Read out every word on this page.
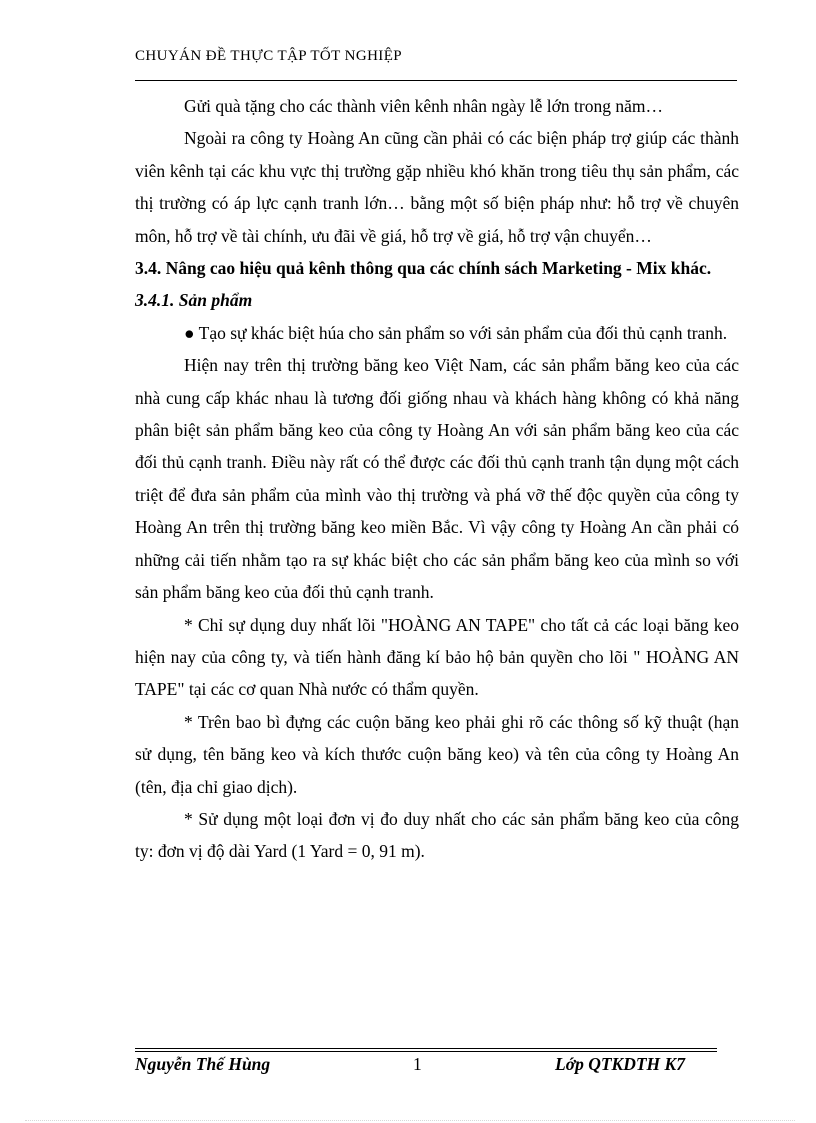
CHUYÁN ĐỀ THỰC TẬP TỐT NGHIỆP

Gửi quà tặng cho các thành viên kênh nhân ngày lễ lớn trong năm…

Ngoài ra công ty Hoàng An cũng cần phải có các biện pháp trợ giúp các thành viên kênh tại các khu vực thị trường gặp nhiều khó khăn trong tiêu thụ sản phẩm, các thị trường có áp lực cạnh tranh lớn… bằng một số biện pháp như: hỗ trợ về chuyên môn, hỗ trợ về tài chính, ưu đãi về giá, hỗ trợ về giá, hỗ trợ vận chuyển…

3.4. Nâng cao hiệu quả kênh thông qua các chính sách Marketing - Mix khác.

3.4.1. Sản phẩm

● Tạo sự khác biệt húa cho sản phẩm so với sản phẩm của đối thủ cạnh tranh.

Hiện nay trên thị trường băng keo Việt Nam, các sản phẩm băng keo của các nhà cung cấp khác nhau là tương đối giống nhau và khách hàng không có khả năng phân biệt sản phẩm băng keo của công ty Hoàng An với sản phẩm băng keo của các đối thủ cạnh tranh. Điều này rất có thể được các đối thủ cạnh tranh tận dụng một cách triệt để đưa sản phẩm của mình vào thị trường và phá vỡ thế độc quyền của công ty Hoàng An trên thị trường băng keo miền Bắc. Vì vậy công ty Hoàng An cần phải có những cải tiến nhằm tạo ra sự khác biệt cho các sản phẩm băng keo của mình so với sản phẩm băng keo của đối thủ cạnh tranh.

* Chỉ sự dụng duy nhất lõi "HOÀNG AN TAPE" cho tất cả các loại băng keo hiện nay của công ty, và tiến hành đăng kí bảo hộ bản quyền cho lõi " HOÀNG AN TAPE" tại các cơ quan Nhà nước có thẩm quyền.

* Trên bao bì đựng các cuộn băng keo phải ghi rõ các thông số kỹ thuật (hạn sử dụng, tên băng keo và kích thước cuộn băng keo) và tên của công ty Hoàng An (tên, địa chỉ giao dịch).

* Sử dụng một loại đơn vị đo duy nhất cho các sản phẩm băng keo của công ty: đơn vị độ dài Yard (1 Yard = 0, 91 m).

Nguyễn Thế Hùng	1	Lớp QTKDTH K7
